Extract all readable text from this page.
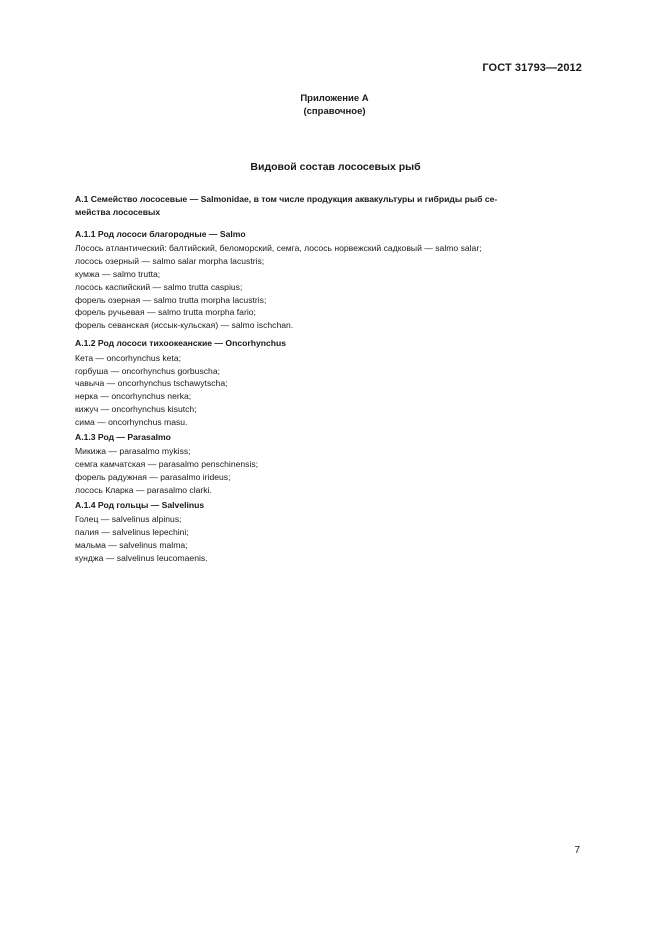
ГОСТ 31793—2012
Приложение А
(справочное)
Видовой состав лососевых рыб
А.1 Семейство лососевые — Salmonidae, в том числе продукция аквакультуры и гибриды рыб се-
мейства лососевых
А.1.1 Род лососи благородные — Salmo
Лосось атлантический: балтийский, беломорский, семга, лосось норвежский садковый — salmo salar;
лосось озерный — salmo salar morpha lacustris;
кумжа — salmo trutta;
лосось каспийский — salmo trutta caspius;
форель озерная — salmo trutta morpha lacustris;
форель ручьевая — salmo trutta morpha fario;
форель севанская (иссык-кульская) — salmo ischchan.
А.1.2 Род лососи тихоокеанские — Oncorhynchus
Кета — oncorhynchus keta;
горбуша — oncorhynchus gorbuscha;
чавыча — oncorhynchus tschawytscha;
нерка — oncorhynchus nerka;
кижуч — oncorhynchus kisutch;
сима — oncorhynchus masu.
А.1.3 Род — Parasalmo
Микижа — parasalmo mykiss;
семга камчатская — parasalmo penschinensis;
форель радужная — parasalmo irideus;
лосось Кларка — parasalmo clarki.
А.1.4 Род гольцы — Salvelinus
Голец — salvelinus alpinus;
палия — salvelinus lepechini;
мальма — salvelinus malma;
кунджа — salvelinus leucomaenis.
7
